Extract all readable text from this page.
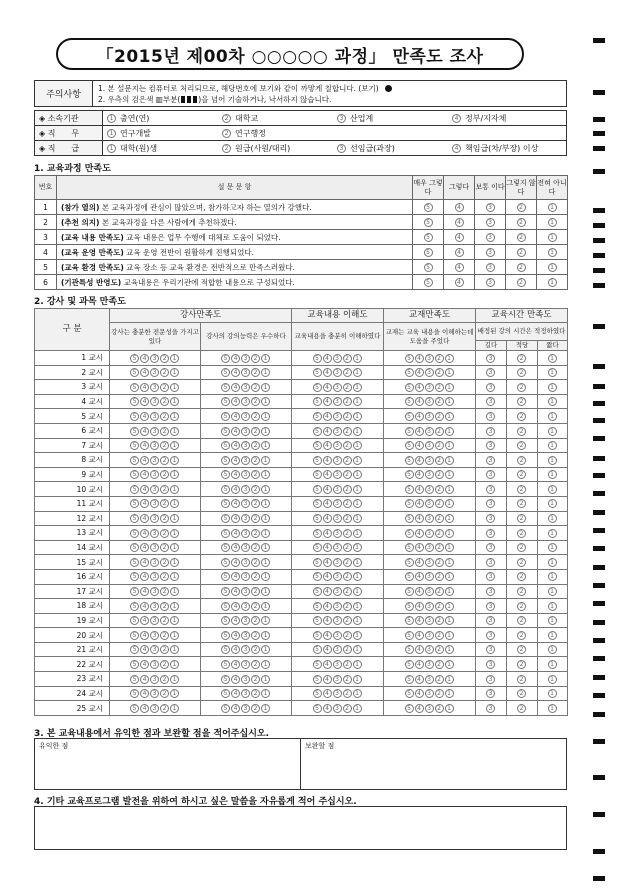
「2015년 제00차 ○○○○○ 과정」 만족도 조사
주의사항
1. 본 설문지는 컴퓨터로 처리되므로, 해당번호에 보기와 같이 까맣게 칠합니다. (보기)
2. 우측의 검은색 ▥부분( )을 넘어 기술하거나, 낙서하지 않습니다.
◈ 소속기관	1 출연(연) 2 대학교 3 산업계 4 정부/지자체
◈ 직　　무	1 연구개발 2 연구행정
◈ 직　　급	1 대학(원)생 2 원급(사원/대리) 3 선임급(과장) 4 책임급(차/부장) 이상
1. 교육과정 만족도
번호	설 문 문 항	매우 그렇다	그렇다	보통 이다	그렇지 않다	전혀 아니다
1	(참가 열의) 본 교육과정에 관심이 많았으며, 참가하고자 하는 열의가 강했다.	5	4	3	2	1
2	(추천 의지) 본 교육과정을 다른 사람에게 추천하겠다.	5	4	3	2	1
3	(교육 내용 만족도) 교육 내용은 업무 수행에 대체로 도움이 되었다.	5	4	3	2	1
4	(교육 운영 만족도) 교육 운영 전반이 원활하게 진행되었다.	5	4	3	2	1
5	(교육 환경 만족도) 교육 장소 등 교육 환경은 전반적으로 만족스러웠다.	5	4	3	2	1
6	(기관특성 반영도) 교육내용은 우리기관에 적합한 내용으로 구성되었다.	5	4	3	2	1
2. 강사 및 과목 만족도
구 분	강사만족도		교육내용 이해도	교재만족도	교육시간 만족도		
	강사는 충분한 전문성을 가지고 있다	강사의 강의능력은 우수하다	교육내용을 충분히 이해하였다	교재는 교육 내용을 이해하는데 도움을 주었다	배정된 강의 시간은 적정하였다		
					길다	적당	짧다
1 교시	5 4 3 2 1	5 4 3 2 1	5 4 3 2 1	5 4 3 2 1	3	2	1
2 교시	5 4 3 2 1	5 4 3 2 1	5 4 3 2 1	5 4 3 2 1	3	2	1
3 교시	5 4 3 2 1	5 4 3 2 1	5 4 3 2 1	5 4 3 2 1	3	2	1
4 교시	5 4 3 2 1	5 4 3 2 1	5 4 3 2 1	5 4 3 2 1	3	2	1
5 교시	5 4 3 2 1	5 4 3 2 1	5 4 3 2 1	5 4 3 2 1	3	2	1
6 교시	5 4 3 2 1	5 4 3 2 1	5 4 3 2 1	5 4 3 2 1	3	2	1
7 교시	5 4 3 2 1	5 4 3 2 1	5 4 3 2 1	5 4 3 2 1	3	2	1
8 교시	5 4 3 2 1	5 4 3 2 1	5 4 3 2 1	5 4 3 2 1	3	2	1
9 교시	5 4 3 2 1	5 4 3 2 1	5 4 3 2 1	5 4 3 2 1	3	2	1
10 교시	5 4 3 2 1	5 4 3 2 1	5 4 3 2 1	5 4 3 2 1	3	2	1
11 교시	5 4 3 2 1	5 4 3 2 1	5 4 3 2 1	5 4 3 2 1	3	2	1
12 교시	5 4 3 2 1	5 4 3 2 1	5 4 3 2 1	5 4 3 2 1	3	2	1
13 교시	5 4 3 2 1	5 4 3 2 1	5 4 3 2 1	5 4 3 2 1	3	2	1
14 교시	5 4 3 2 1	5 4 3 2 1	5 4 3 2 1	5 4 3 2 1	3	2	1
15 교시	5 4 3 2 1	5 4 3 2 1	5 4 3 2 1	5 4 3 2 1	3	2	1
16 교시	5 4 3 2 1	5 4 3 2 1	5 4 3 2 1	5 4 3 2 1	3	2	1
17 교시	5 4 3 2 1	5 4 3 2 1	5 4 3 2 1	5 4 3 2 1	3	2	1
18 교시	5 4 3 2 1	5 4 3 2 1	5 4 3 2 1	5 4 3 2 1	3	2	1
19 교시	5 4 3 2 1	5 4 3 2 1	5 4 3 2 1	5 4 3 2 1	3	2	1
20 교시	5 4 3 2 1	5 4 3 2 1	5 4 3 2 1	5 4 3 2 1	3	2	1
21 교시	5 4 3 2 1	5 4 3 2 1	5 4 3 2 1	5 4 3 2 1	3	2	1
22 교시	5 4 3 2 1	5 4 3 2 1	5 4 3 2 1	5 4 3 2 1	3	2	1
23 교시	5 4 3 2 1	5 4 3 2 1	5 4 3 2 1	5 4 3 2 1	3	2	1
24 교시	5 4 3 2 1	5 4 3 2 1	5 4 3 2 1	5 4 3 2 1	3	2	1
25 교시	5 4 3 2 1	5 4 3 2 1	5 4 3 2 1	5 4 3 2 1	3	2	1
3. 본 교육내용에서 유익한 점과 보완할 점을 적어주십시오.
유익한 점	보완할 점
4. 기타 교육프로그램 발전을 위하여 하시고 싶은 말씀을 자유롭게 적어 주십시오.
